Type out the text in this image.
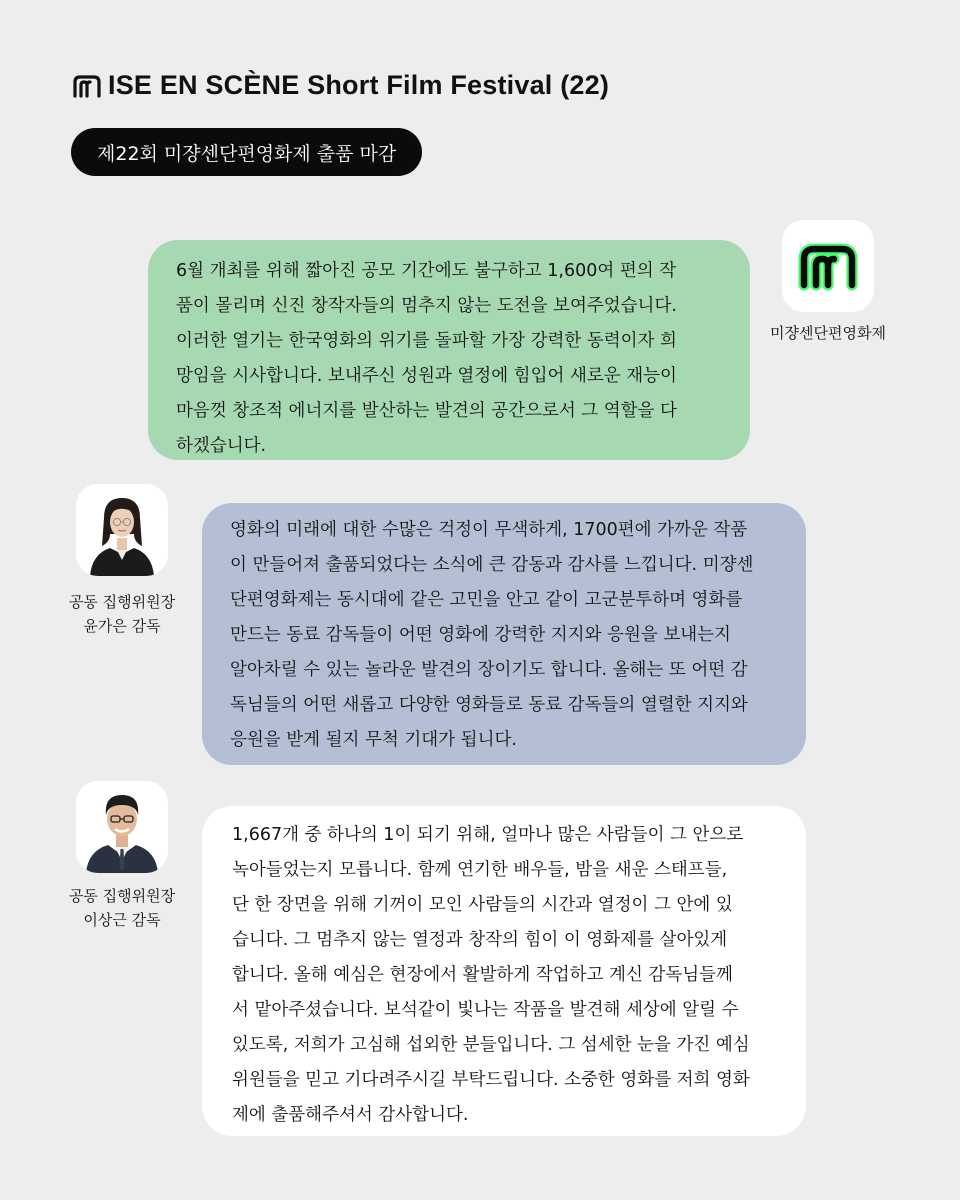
ISE EN SCÈNE Short Film Festival (22)
제22회 미쟝센단편영화제 출품 마감
6월 개최를 위해 짧아진 공모 기간에도 불구하고 1,600여 편의 작
품이 몰리며 신진 창작자들의 멈추지 않는 도전을 보여주었습니다.
이러한 열기는 한국영화의 위기를 돌파할 가장 강력한 동력이자 희
망임을 시사합니다. 보내주신 성원과 열정에 힘입어 새로운 재능이
마음껏 창조적 에너지를 발산하는 발견의 공간으로서 그 역할을 다
하겠습니다.
미쟝센단편영화제
공동 집행위원장
윤가은 감독
영화의 미래에 대한 수많은 걱정이 무색하게, 1700편에 가까운 작품
이 만들어져 출품되었다는 소식에 큰 감동과 감사를 느낍니다. 미쟝센
단편영화제는 동시대에 같은 고민을 안고 같이 고군분투하며 영화를
만드는 동료 감독들이 어떤 영화에 강력한 지지와 응원을 보내는지
알아차릴 수 있는 놀라운 발견의 장이기도 합니다. 올해는 또 어떤 감
독님들의 어떤 새롭고 다양한 영화들로 동료 감독들의 열렬한 지지와
응원을 받게 될지 무척 기대가 됩니다.
공동 집행위원장
이상근 감독
1,667개 중 하나의 1이 되기 위해, 얼마나 많은 사람들이 그 안으로
녹아들었는지 모릅니다. 함께 연기한 배우들, 밤을 새운 스태프들,
단 한 장면을 위해 기꺼이 모인 사람들의 시간과 열정이 그 안에 있
습니다. 그 멈추지 않는 열정과 창작의 힘이 이 영화제를 살아있게
합니다. 올해 예심은 현장에서 활발하게 작업하고 계신 감독님들께
서 맡아주셨습니다. 보석같이 빛나는 작품을 발견해 세상에 알릴 수
있도록, 저희가 고심해 섭외한 분들입니다. 그 섬세한 눈을 가진 예심
위원들을 믿고 기다려주시길 부탁드립니다. 소중한 영화를 저희 영화
제에 출품해주셔서 감사합니다.
